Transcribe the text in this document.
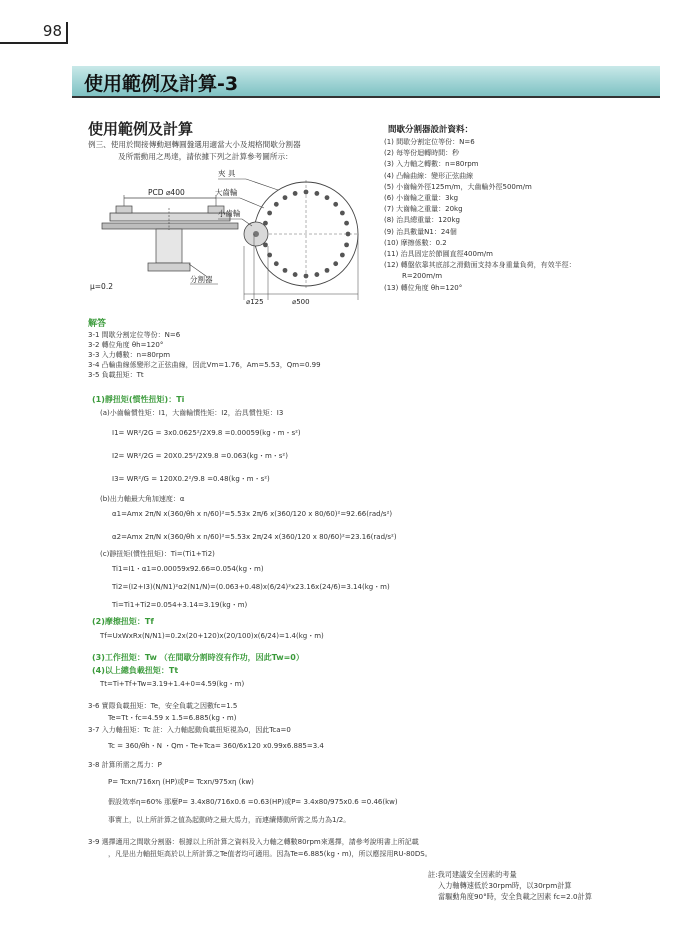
98
使用範例及計算-3
使用範例及計算
例三、使用於間接傳動迴轉圓盤選用適當大小及規格間歇分割器
及所需動用之馬達，請依據下列之計算參考圖所示：
間歇分割器設計資料：
(1) 間歇分割定位等份：N=6
(2) 每等份迴轉時間：秒
(3) 入力軸之轉數：n=80rpm
(4) 凸輪曲線：變形正弦曲線
(5) 小齒輪外徑125m/m，大齒輪外徑500m/m
(6) 小齒輪之重量：3kg
(7) 大齒輪之重量：20kg
(8) 治具總重量：120kg
(9) 治具數量N1：24個
(10) 摩擦係數：0.2
(11) 治具固定於節圓直徑400m/m
(12) 轉盤依靠其底部之滑動面支持本身重量負荷，有效半徑：
R=200m/m
(13) 轉位角度 θh=120°
PCD ⌀400
分割器
μ=0.2
夾 具
大齒輪
小齒輪
⌀125	⌀500
解答
3-1 間歇分割定位等份：N=6
3-2 轉位角度 θh=120°
3-3 入力轉數：n=80rpm
3-4 凸輪曲線係變形之正弦曲線，因此Vm=1.76，Am=5.53，Qm=0.99
3-5 負載扭矩：Tt
(1)靜扭矩(慣性扭矩)：Ti
(a)小齒輪慣性矩：I1，大齒輪慣性矩：I2，治具慣性矩：I3
I1= WR²/2G = 3x0.0625²/2X9.8 =0.00059(kg・m・s²)
I2= WR²/2G = 20X0.25²/2X9.8 =0.063(kg・m・s²)
I3= WR²/G = 120X0.2²/9.8 =0.48(kg・m・s²)
(b)出力軸最大角加速度：α
α1=Amx 2π/N x(360/θh x n/60)²=5.53x 2π/6 x(360/120 x 80/60)²=92.66(rad/s²)
α2=Amx 2π/N x(360/θh x n/60)²=5.53x 2π/24 x(360/120 x 80/60)²=23.16(rad/s²)
(c)靜扭矩(慣性扭矩)：Ti=(Ti1+Ti2)
Ti1=I1・α1=0.00059x92.66=0.054(kg・m)
Ti2=(I2+I3)(N/N1)²α2(N1/N)=(0.063+0.48)x(6/24)²x23.16x(24/6)=3.14(kg・m)
Ti=Ti1+Ti2=0.054+3.14=3.19(kg・m)
(2)摩擦扭矩：Tf
Tf=UxWxRx(N/N1)=0.2x(20+120)x(20/100)x(6/24)=1.4(kg・m)
(3)工作扭矩：Tw （在間歇分割時沒有作功，因此Tw=0）
(4)以上總負載扭矩：Tt
Tt=Ti+Tf+Tw=3.19+1.4+0=4.59(kg・m)
3-6 實際負載扭矩：Te，安全負載之因數fc=1.5
Te=Tt・fc=4.59 x 1.5=6.885(kg・m)
3-7 入力軸扭矩：Tc 註：入力軸起動負載扭矩視為0，因此Tca=0
Tc = 360/θh・N ・Qm・Te+Tca= 360/6x120 x0.99x6.885=3.4
3-8 計算所需之馬力：P
P= Tcxn/716xη (HP)或P= Tcxn/975xη (kw)
假設效率η=60% 那麼P= 3.4x80/716x0.6 =0.63(HP)或P= 3.4x80/975x0.6 =0.46(kw)
事實上，以上所計算之值為起動時之最大馬力，而連續傳動所需之馬力為1/2。
3-9 選擇適用之間歇分割器：根據以上所計算之資料及入力軸之轉數80rpm來選擇，請參考說明書上所記載
，凡是出力軸扭矩高於以上所計算之Te值者均可適用。因為Te=6.885(kg・m)，所以應採用RU-80DS。
註:我司建議安全因素的考量
入力軸轉速低於30rpm時，以30rpm計算
當驅動角度90°時，安全負載之因素 fc=2.0計算
